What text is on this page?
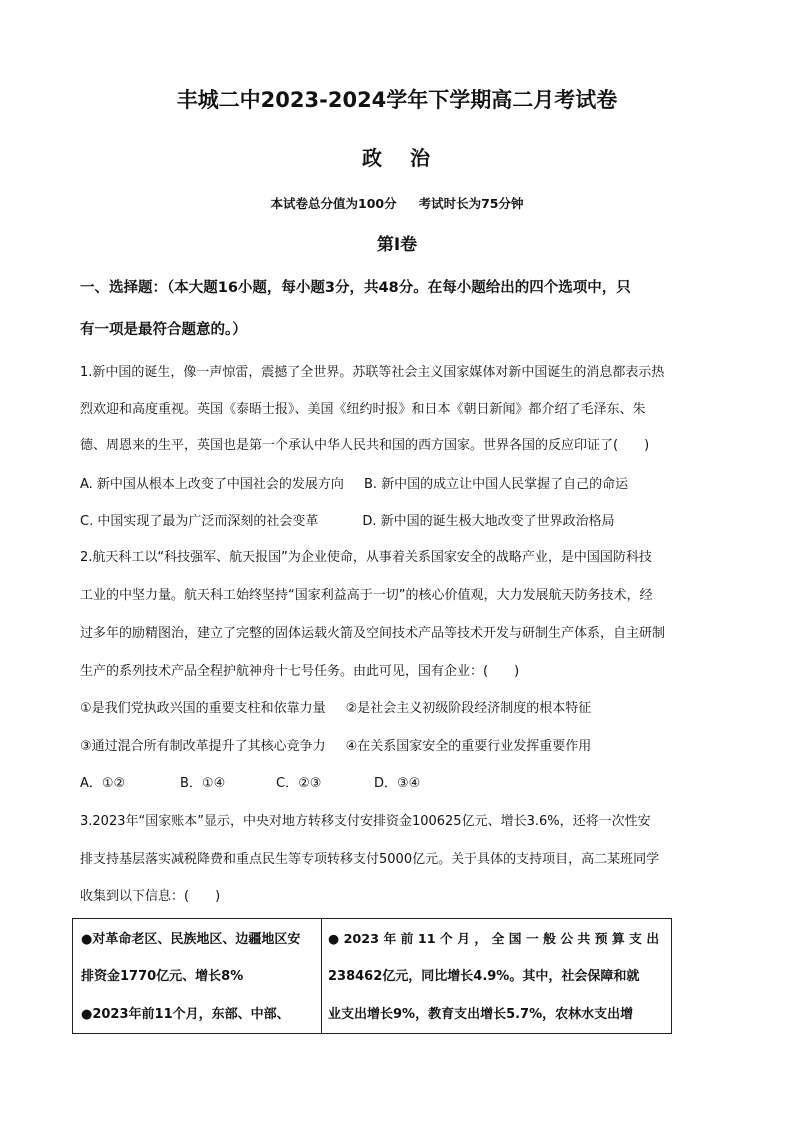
丰城二中2023-2024学年下学期高二月考试卷
政 治
本试卷总分值为100分 考试时长为75分钟
第Ⅰ卷
一、选择题：（本大题16小题，每小题3分，共48分。在每小题给出的四个选项中，只
有一项是最符合题意的。）
1.新中国的诞生，像一声惊雷，震撼了全世界。苏联等社会主义国家媒体对新中国诞生的消息都表示热
烈欢迎和高度重视。英国《泰晤士报》、美国《纽约时报》和日本《朝日新闻》都介绍了毛泽东、朱
德、周恩来的生平，英国也是第一个承认中华人民共和国的西方国家。世界各国的反应印证了(　　)
A. 新中国从根本上改变了中国社会的发展方向 B. 新中国的成立让中国人民掌握了自己的命运
C. 中国实现了最为广泛而深刻的社会变革	D. 新中国的诞生极大地改变了世界政治格局
2.航天科工以“科技强军、航天报国”为企业使命，从事着关系国家安全的战略产业，是中国国防科技
工业的中坚力量。航天科工始终坚持“国家利益高于一切”的核心价值观，大力发展航天防务技术，经
过多年的励精图治，建立了完整的固体运载火箭及空间技术产品等技术开发与研制生产体系，自主研制
生产的系列技术产品全程护航神舟十七号任务。由此可见，国有企业：(　　)
①是我们党执政兴国的重要支柱和依靠力量 ②是社会主义初级阶段经济制度的根本特征
③通过混合所有制改革提升了其核心竞争力 ④在关系国家安全的重要行业发挥重要作用
A．①②	B．①④	C．②③	D．③④
3.2023年“国家账本”显示，中央对地方转移支付安排资金100625亿元、增长3.6%，还将一次性安
排支持基层落实减税降费和重点民生等专项转移支付5000亿元。关于具体的支持项目，高二某班同学
收集到以下信息：(　　)
●对革命老区、民族地区、边疆地区安
排资金1770亿元、增长8%
●2023年前11个月，东部、中部、
● 2023 年 前 11 个 月 ， 全 国 一 般 公 共 预 算 支 出
238462亿元，同比增长4.9%。其中，社会保障和就
业支出增长9%，教育支出增长5.7%，农林水支出增
